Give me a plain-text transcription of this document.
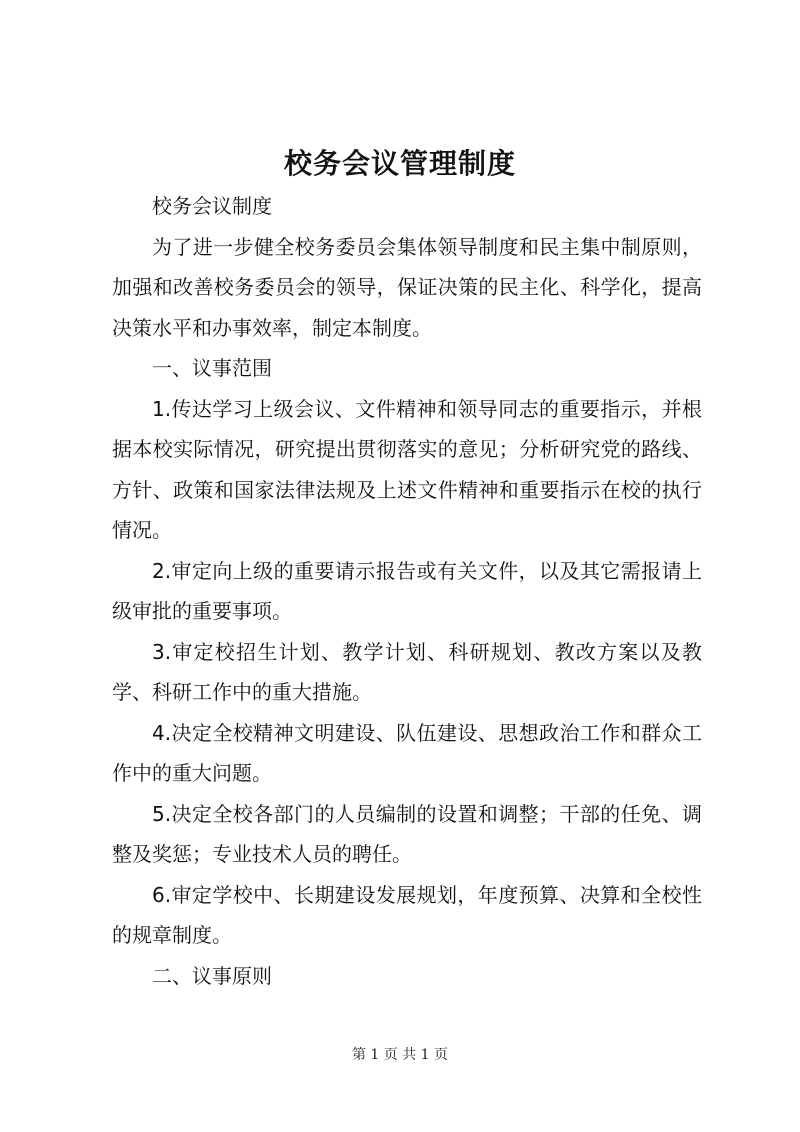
校务会议管理制度

校务会议制度

为了进一步健全校务委员会集体领导制度和民主集中制原则，加强和改善校务委员会的领导，保证决策的民主化、科学化，提高决策水平和办事效率，制定本制度。

一、议事范围

1.传达学习上级会议、文件精神和领导同志的重要指示，并根据本校实际情况，研究提出贯彻落实的意见；分析研究党的路线、方针、政策和国家法律法规及上述文件精神和重要指示在校的执行情况。

2.审定向上级的重要请示报告或有关文件，以及其它需报请上级审批的重要事项。

3.审定校招生计划、教学计划、科研规划、教改方案以及教学、科研工作中的重大措施。

4.决定全校精神文明建设、队伍建设、思想政治工作和群众工作中的重大问题。

5.决定全校各部门的人员编制的设置和调整；干部的任免、调整及奖惩；专业技术人员的聘任。

6.审定学校中、长期建设发展规划，年度预算、决算和全校性的规章制度。

二、议事原则

第 1 页 共 1 页
